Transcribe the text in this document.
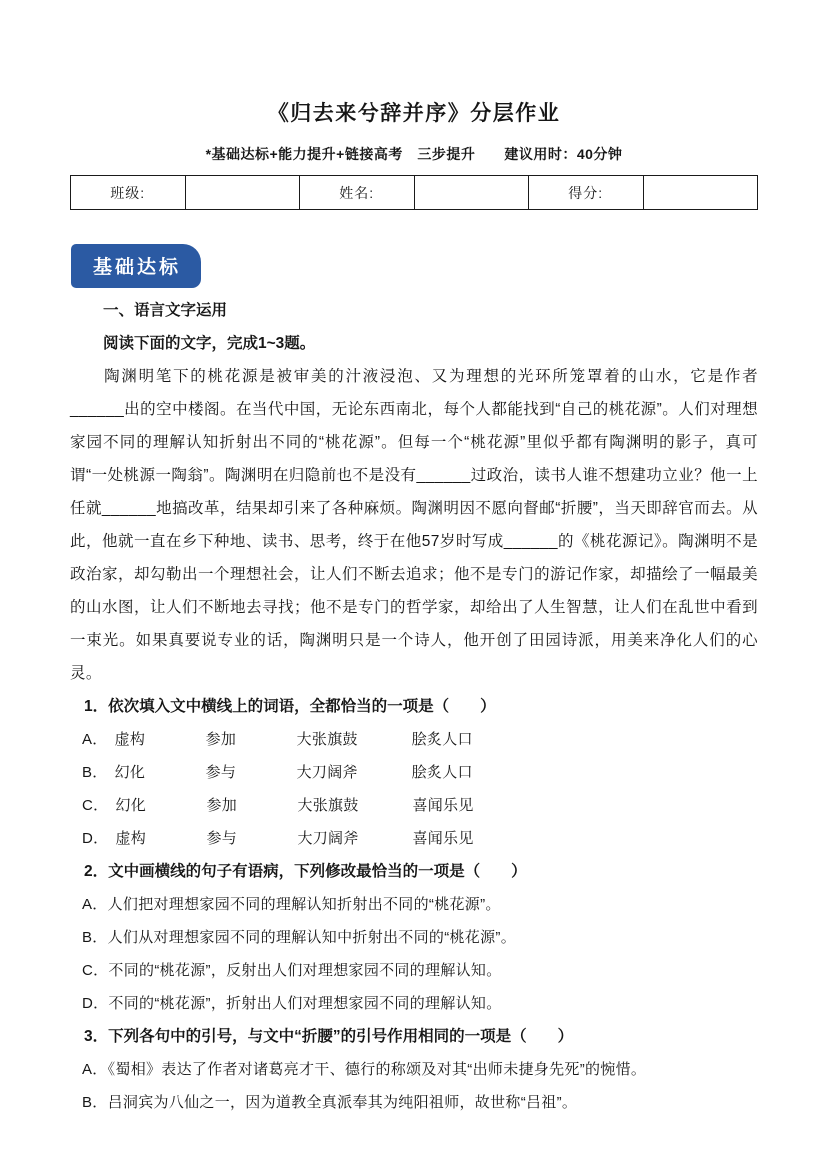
《归去来兮辞并序》分层作业
*基础达标+能力提升+链接高考　三步提升　　建议用时：40分钟
班级:		姓名:		得分:	
基础达标
一、语言文字运用
阅读下面的文字，完成1~3题。

陶渊明笔下的桃花源是被审美的汁液浸泡、又为理想的光环所笼罩着的山水，它是作者______出的空中楼阁。在当代中国，无论东西南北，每个人都能找到“自己的桃花源”。人们对理想家园不同的理解认知折射出不同的“桃花源”。但每一个“桃花源”里似乎都有陶渊明的影子，真可谓“一处桃源一陶翁”。陶渊明在归隐前也不是没有______过政治，读书人谁不想建功立业？他一上任就______地搞改革，结果却引来了各种麻烦。陶渊明因不愿向督邮“折腰”，当天即辞官而去。从此，他就一直在乡下种地、读书、思考，终于在他57岁时写成______的《桃花源记》。陶渊明不是政治家，却勾勒出一个理想社会，让人们不断去追求；他不是专门的游记作家，却描绘了一幅最美的山水图，让人们不断地去寻找；他不是专门的哲学家，却给出了人生智慧，让人们在乱世中看到一束光。如果真要说专业的话，陶渊明只是一个诗人，他开创了田园诗派，用美来净化人们的心灵。

1．依次填入文中横线上的词语，全都恰当的一项是（　　）
A． 虚构	参加	大张旗鼓	脍炙人口
B． 幻化	参与	大刀阔斧	脍炙人口
C． 幻化	参加	大张旗鼓	喜闻乐见
D． 虚构	参与	大刀阔斧	喜闻乐见
2．文中画横线的句子有语病，下列修改最恰当的一项是（　　）
A．人们把对理想家园不同的理解认知折射出不同的“桃花源”。
B．人们从对理想家园不同的理解认知中折射出不同的“桃花源”。
C．不同的“桃花源”，反射出人们对理想家园不同的理解认知。
D．不同的“桃花源”，折射出人们对理想家园不同的理解认知。
3．下列各句中的引号，与文中“折腰”的引号作用相同的一项是（　　）
A．《蜀相》表达了作者对诸葛亮才干、德行的称颂及对其“出师未捷身先死”的惋惜。
B．吕洞宾为八仙之一，因为道教全真派奉其为纯阳祖师，故世称“吕祖”。
